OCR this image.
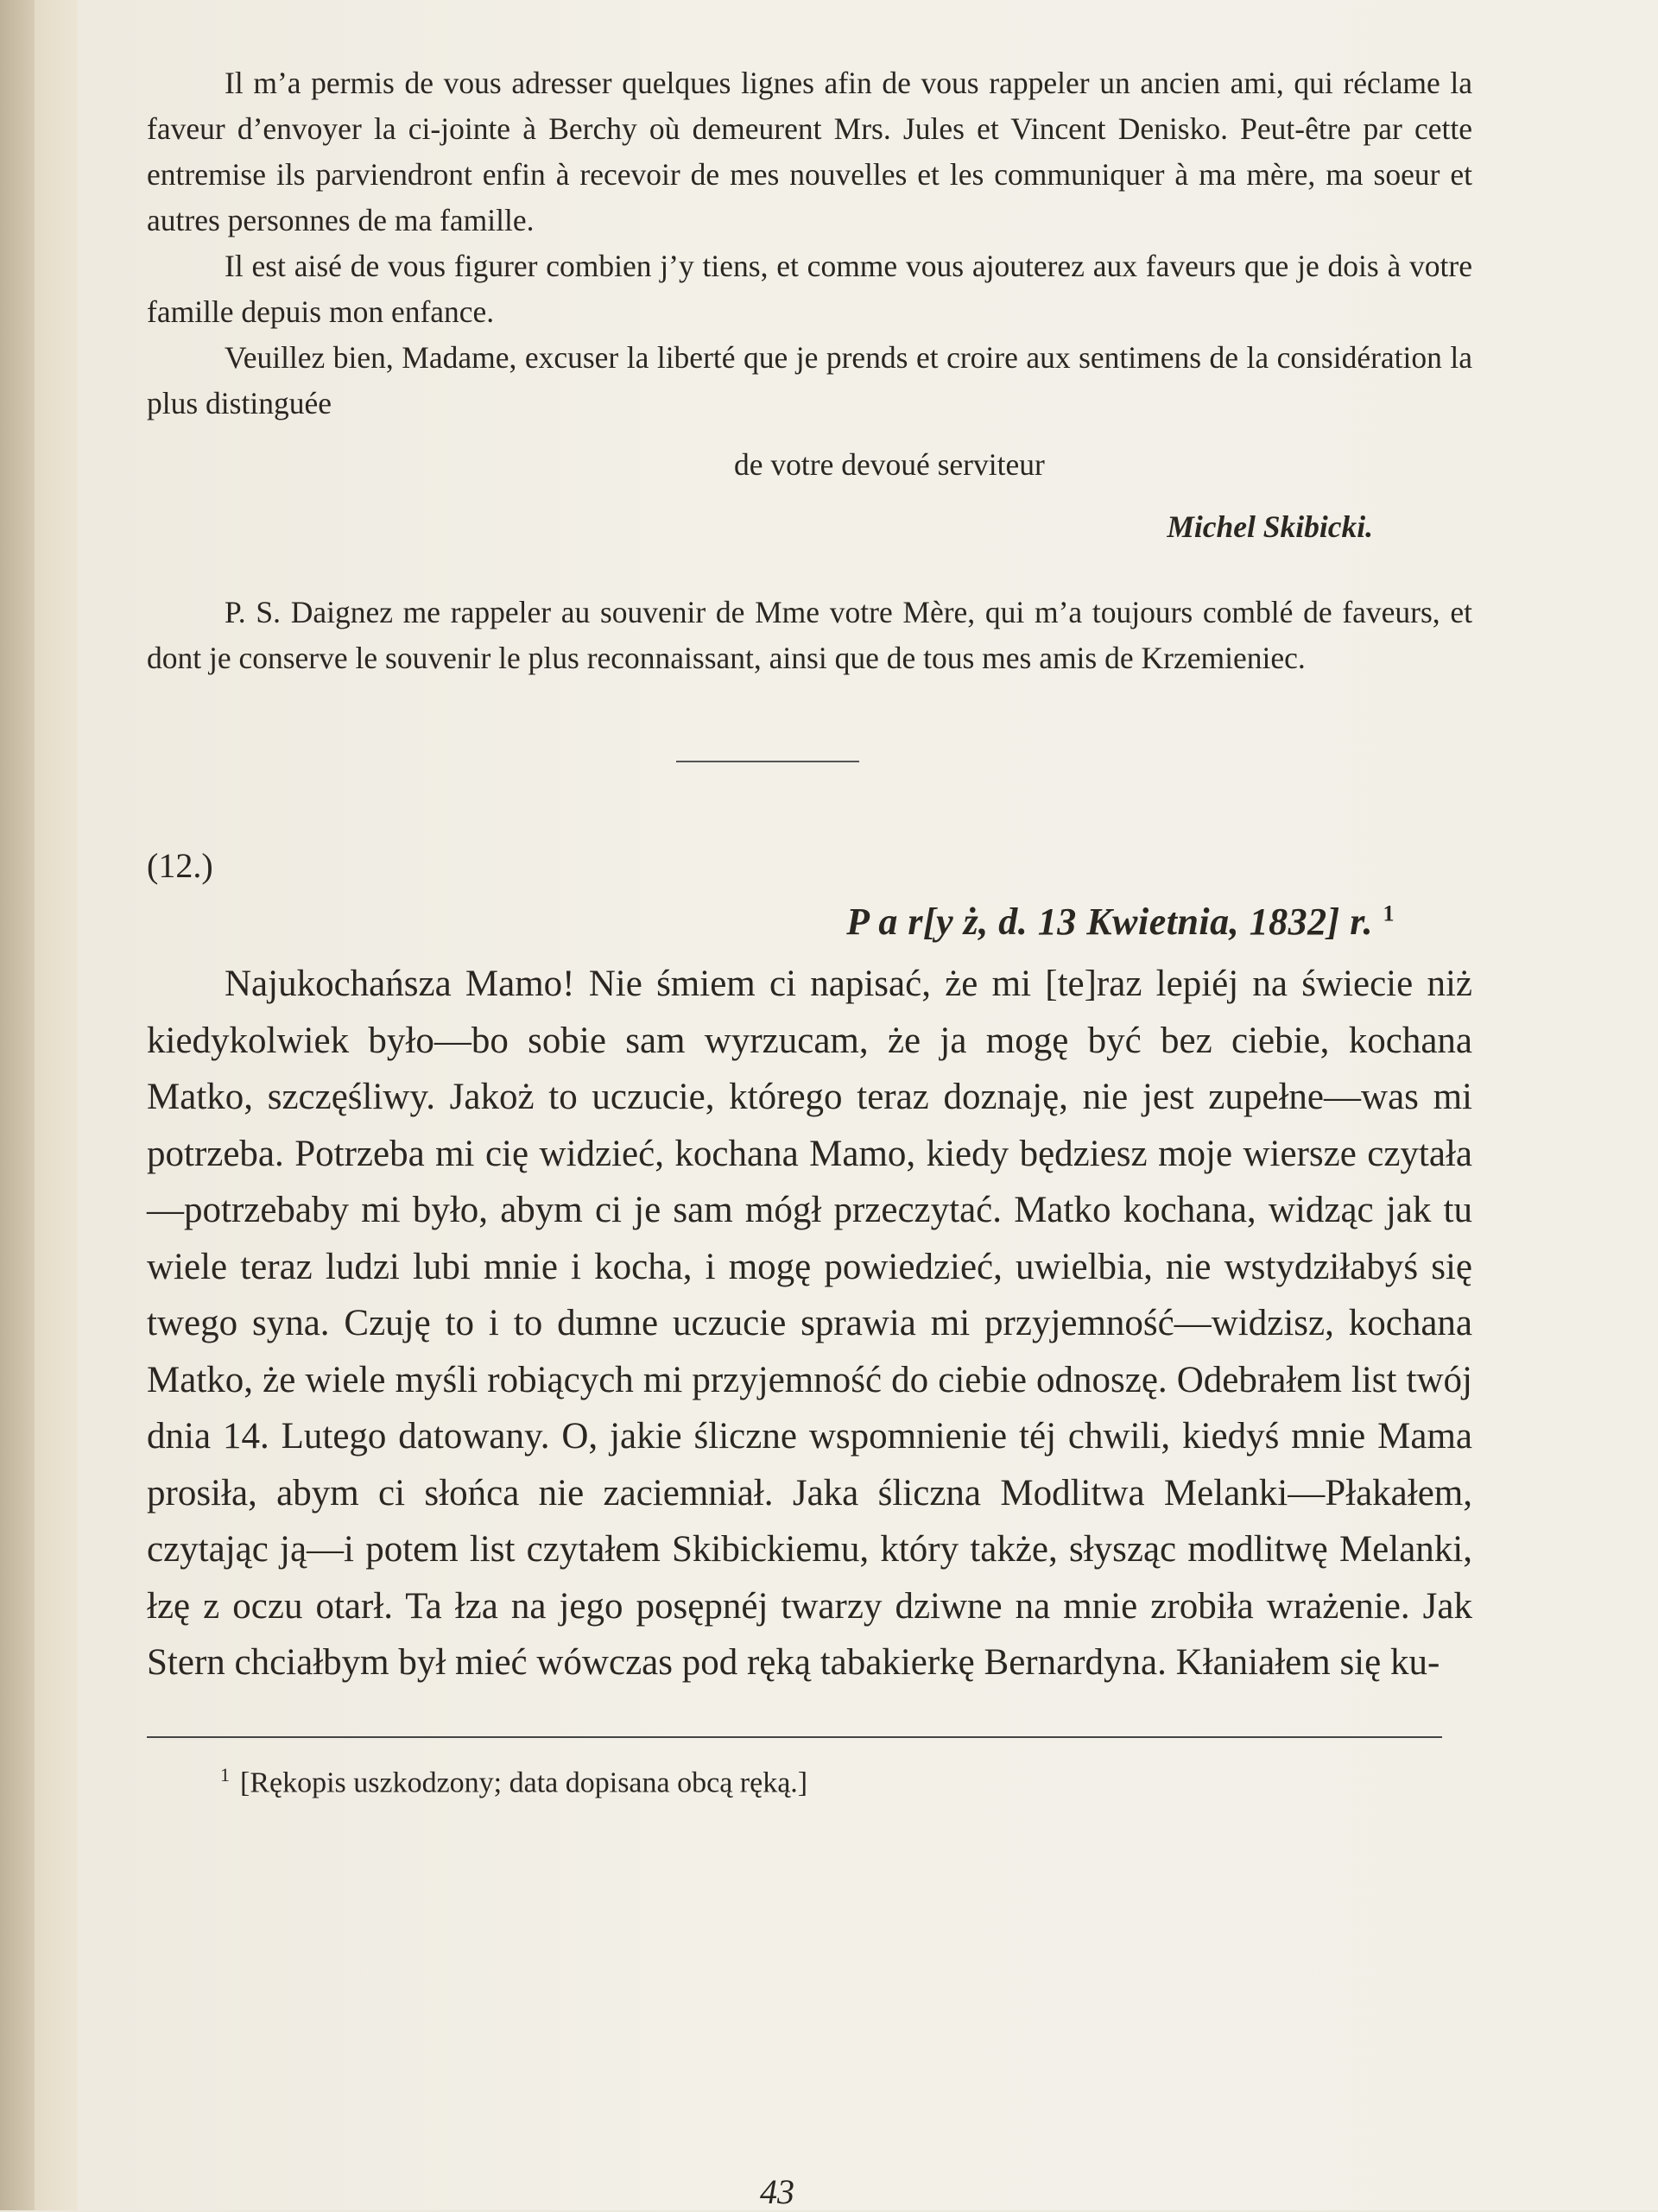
Il m’a permis de vous adresser quelques lignes afin de vous rappeler un ancien ami, qui réclame la faveur d’envoyer la ci-jointe à Berchy où demeurent Mrs. Jules et Vincent Denisko. Peut-être par cette entremise ils parviendront enfin à recevoir de mes nouvelles et les communiquer à ma mère, ma soeur et autres personnes de ma famille.

Il est aisé de vous figurer combien j’y tiens, et comme vous ajouterez aux faveurs que je dois à votre famille depuis mon enfance.

Veuillez bien, Madame, excuser la liberté que je prends et croire aux sentimens de la considération la plus distinguée

de votre devoué serviteur
Michel Skibicki.

P. S. Daignez me rappeler au souvenir de Mme votre Mère, qui m’a toujours comblé de faveurs, et dont je conserve le souvenir le plus reconnaissant, ainsi que de tous mes amis de Krzemieniec.

(12.)
P a r[y ż, d. 13 Kwietnia, 1832] r. $^1$

Najukochańsza Mamo! Nie śmiem ci napisać, że mi [te]raz lepiéj na świecie niż kiedykolwiek było—bo sobie sam wyrzucam, że ja mogę być bez ciebie, kochana Matko, szczęśliwy. Jakoż to uczucie, którego teraz doznaję, nie jest zupełne—was mi potrzeba. Potrzeba mi cię widzieć, kochana Mamo, kiedy będziesz moje wiersze czytała—potrzebaby mi było, abym ci je sam mógł przeczytać. Matko kochana, widząc jak tu wiele teraz ludzi lubi mnie i kocha, i mogę powiedzieć, uwielbia, nie wstydziłabyś się twego syna. Czuję to i to dumne uczucie sprawia mi przyjemność—widzisz, kochana Matko, że wiele myśli robiących mi przyjemność do ciebie odnoszę. Odebrałem list twój dnia 14. Lutego datowany. O, jakie śliczne wspomnienie téj chwili, kiedyś mnie Mama prosiła, abym ci słońca nie zaciemniał. Jaka śliczna Modlitwa Melanki—Płakałem, czytając ją—i potem list czytałem Skibickiemu, który także, słysząc modlitwę Melanki, łzę z oczu otarł. Ta łza na jego posępnéj twarzy dziwne na mnie zrobiła wrażenie. Jak Stern chciałbym był mieć wówczas pod ręką tabakierkę Bernardyna. Kłaniałem się ku-

$^1$ [Rękopis uszkodzony; data dopisana obcą ręką.]
43
